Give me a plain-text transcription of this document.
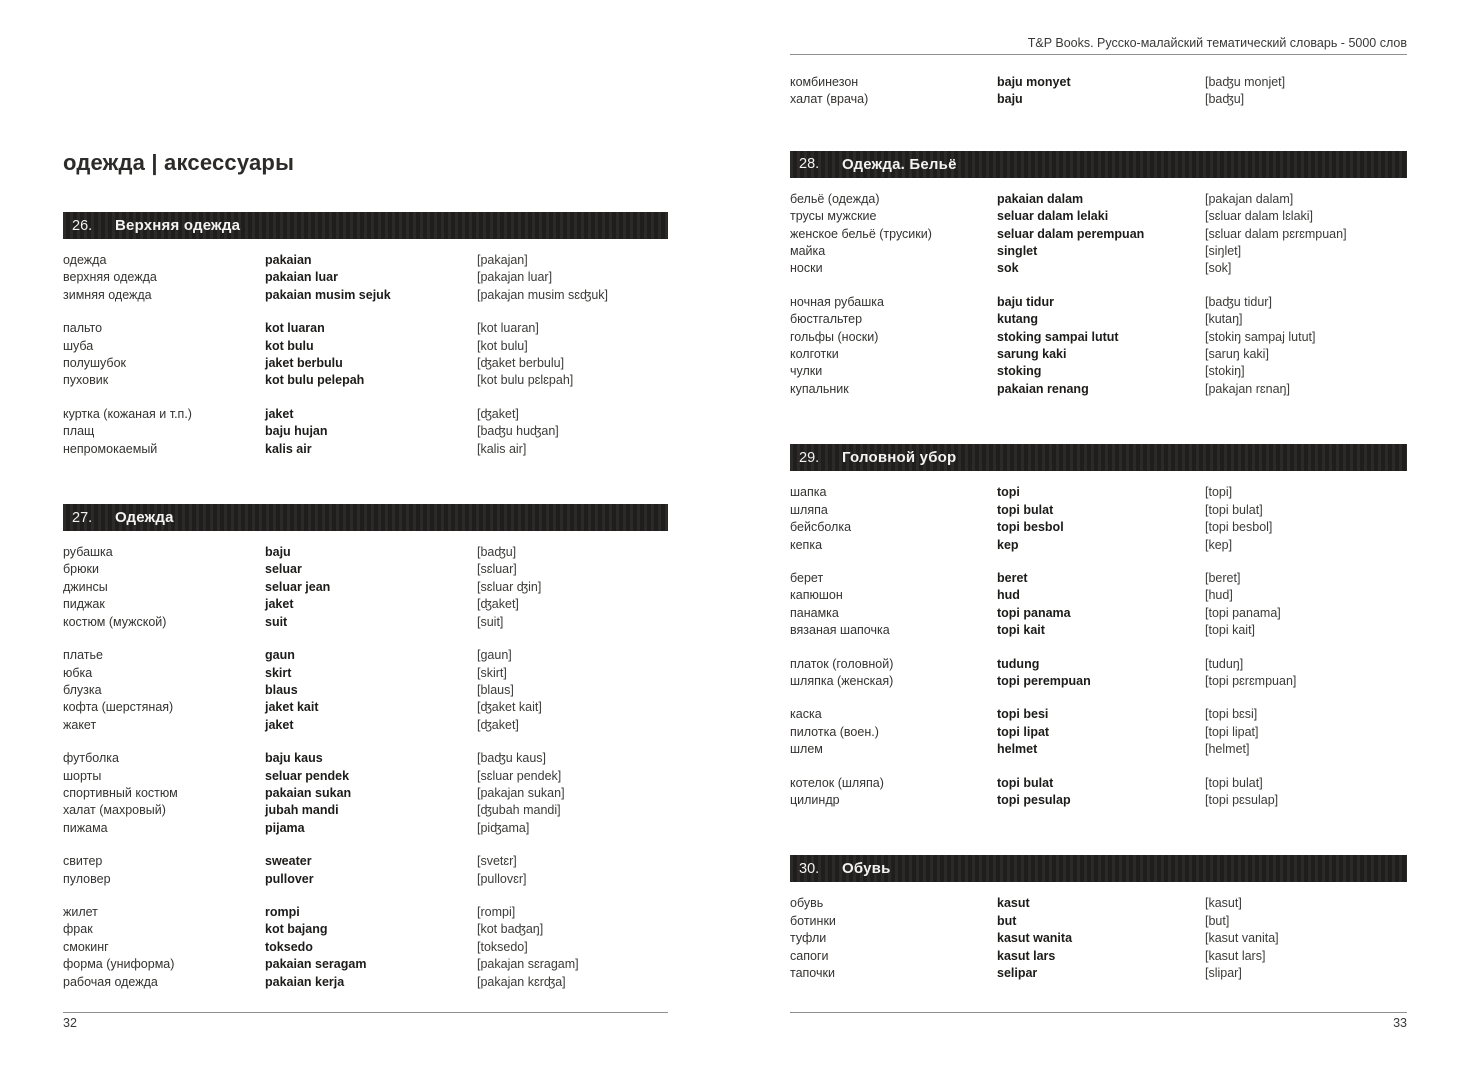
одежда | аксессуары
26.	Верхняя одежда
одежда	pakaian	[pakajan]
верхняя одежда	pakaian luar	[pakajan luar]
зимняя одежда	pakaian musim sejuk	[pakajan musim sɛʤuk]
пальто	kot luaran	[kot luaran]
шуба	kot bulu	[kot bulu]
полушубок	jaket berbulu	[ʤaket berbulu]
пуховик	kot bulu pelepah	[kot bulu pɛlɛpah]
куртка (кожаная и т.п.)	jaket	[ʤaket]
плащ	baju hujan	[baʤu huʤan]
непромокаемый	kalis air	[kalis air]
27.	Одежда
рубашка	baju	[baʤu]
брюки	seluar	[sɛluar]
джинсы	seluar jean	[sɛluar ʤin]
пиджак	jaket	[ʤaket]
костюм (мужской)	suit	[suit]
платье	gaun	[gaun]
юбка	skirt	[skirt]
блузка	blaus	[blaus]
кофта (шерстяная)	jaket kait	[ʤaket kait]
жакет	jaket	[ʤaket]
футболка	baju kaus	[baʤu kaus]
шорты	seluar pendek	[sɛluar pendek]
спортивный костюм	pakaian sukan	[pakajan sukan]
халат (махровый)	jubah mandi	[ʤubah mandi]
пижама	pijama	[piʤama]
свитер	sweater	[svetɛr]
пуловер	pullover	[pullovɛr]
жилет	rompi	[rompi]
фрак	kot bajang	[kot baʤaŋ]
смокинг	toksedo	[toksedo]
форма (униформа)	pakaian seragam	[pakajan sɛragam]
рабочая одежда	pakaian kerja	[pakajan kɛrʤa]
32
T&P Books. Русско-малайский тематический словарь - 5000 слов
комбинезон	baju monyet	[baʤu monjet]
халат (врача)	baju	[baʤu]
28.	Одежда. Бельё
бельё (одежда)	pakaian dalam	[pakajan dalam]
трусы мужские	seluar dalam lelaki	[sɛluar dalam lɛlaki]
женское бельё (трусики)	seluar dalam perempuan	[sɛluar dalam pɛrɛmpuan]
майка	singlet	[siŋlet]
носки	sok	[sok]
ночная рубашка	baju tidur	[baʤu tidur]
бюстгальтер	kutang	[kutaŋ]
гольфы (носки)	stoking sampai lutut	[stokiŋ sampaj lutut]
колготки	sarung kaki	[saruŋ kaki]
чулки	stoking	[stokiŋ]
купальник	pakaian renang	[pakajan rɛnaŋ]
29.	Головной убор
шапка	topi	[topi]
шляпа	topi bulat	[topi bulat]
бейсболка	topi besbol	[topi besbol]
кепка	kep	[kep]
берет	beret	[beret]
капюшон	hud	[hud]
панамка	topi panama	[topi panama]
вязаная шапочка	topi kait	[topi kait]
платок (головной)	tudung	[tuduŋ]
шляпка (женская)	topi perempuan	[topi pɛrɛmpuan]
каска	topi besi	[topi bɛsi]
пилотка (воен.)	topi lipat	[topi lipat]
шлем	helmet	[helmet]
котелок (шляпа)	topi bulat	[topi bulat]
цилиндр	topi pesulap	[topi pɛsulap]
30.	Обувь
обувь	kasut	[kasut]
ботинки	but	[but]
туфли	kasut wanita	[kasut vanita]
сапоги	kasut lars	[kasut lars]
тапочки	selipar	[slipar]
33
